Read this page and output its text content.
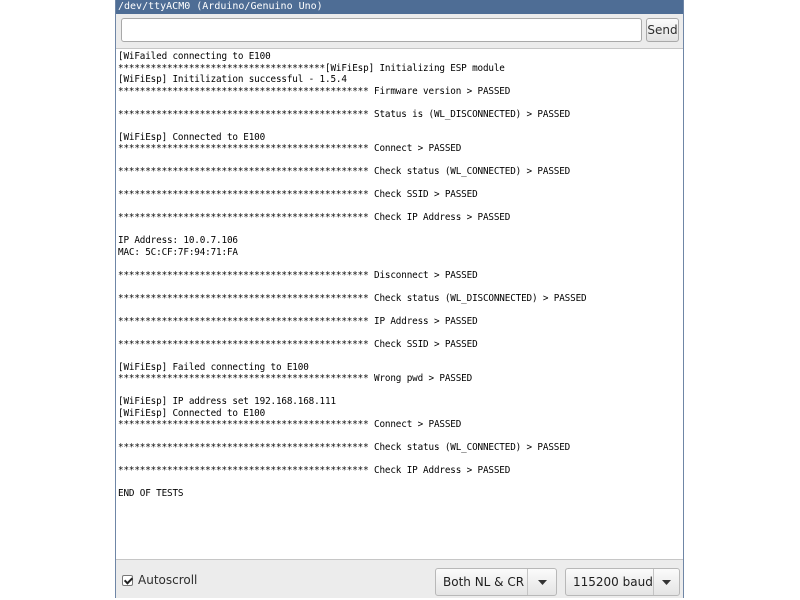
/dev/ttyACM0 (Arduino/Genuino Uno)
Send
[WiFailed connecting to E100
**************************************[WiFiEsp] Initializing ESP module
[WiFiEsp] Initilization successful - 1.5.4
********************************************** Firmware version > PASSED

********************************************** Status is (WL_DISCONNECTED) > PASSED

[WiFiEsp] Connected to E100
********************************************** Connect > PASSED

********************************************** Check status (WL_CONNECTED) > PASSED

********************************************** Check SSID > PASSED

********************************************** Check IP Address > PASSED

IP Address: 10.0.7.106
MAC: 5C:CF:7F:94:71:FA

********************************************** Disconnect > PASSED

********************************************** Check status (WL_DISCONNECTED) > PASSED

********************************************** IP Address > PASSED

********************************************** Check SSID > PASSED

[WiFiEsp] Failed connecting to E100
********************************************** Wrong pwd > PASSED

[WiFiEsp] IP address set 192.168.168.111
[WiFiEsp] Connected to E100
********************************************** Connect > PASSED

********************************************** Check status (WL_CONNECTED) > PASSED

********************************************** Check IP Address > PASSED

END OF TESTS
Autoscroll	Both NL & CR	115200 baud
